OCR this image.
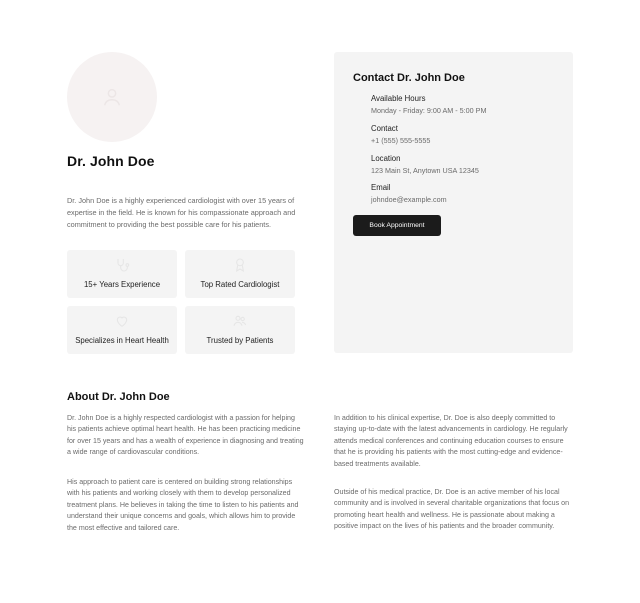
Dr. John Doe

Dr. John Doe is a highly experienced cardiologist with over 15 years of expertise in the field. He is known for his compassionate approach and commitment to providing the best possible care for his patients.

15+ Years Experience	Top Rated Cardiologist
Specializes in Heart Health	Trusted by Patients
Contact Dr. John Doe
Available Hours
Monday - Friday: 9:00 AM - 5:00 PM
Contact
+1 (555) 555-5555
Location
123 Main St, Anytown USA 12345
Email
johndoe@example.com
Book Appointment
About Dr. John Doe

Dr. John Doe is a highly respected cardiologist with a passion for helping his patients achieve optimal heart health. He has been practicing medicine for over 15 years and has a wealth of experience in diagnosing and treating a wide range of cardiovascular conditions.

His approach to patient care is centered on building strong relationships with his patients and working closely with them to develop personalized treatment plans. He believes in taking the time to listen to his patients and understand their unique concerns and goals, which allows him to provide the most effective and tailored care.

In addition to his clinical expertise, Dr. Doe is also deeply committed to staying up-to-date with the latest advancements in cardiology. He regularly attends medical conferences and continuing education courses to ensure that he is providing his patients with the most cutting-edge and evidence-based treatments available.

Outside of his medical practice, Dr. Doe is an active member of his local community and is involved in several charitable organizations that focus on promoting heart health and wellness. He is passionate about making a positive impact on the lives of his patients and the broader community.
